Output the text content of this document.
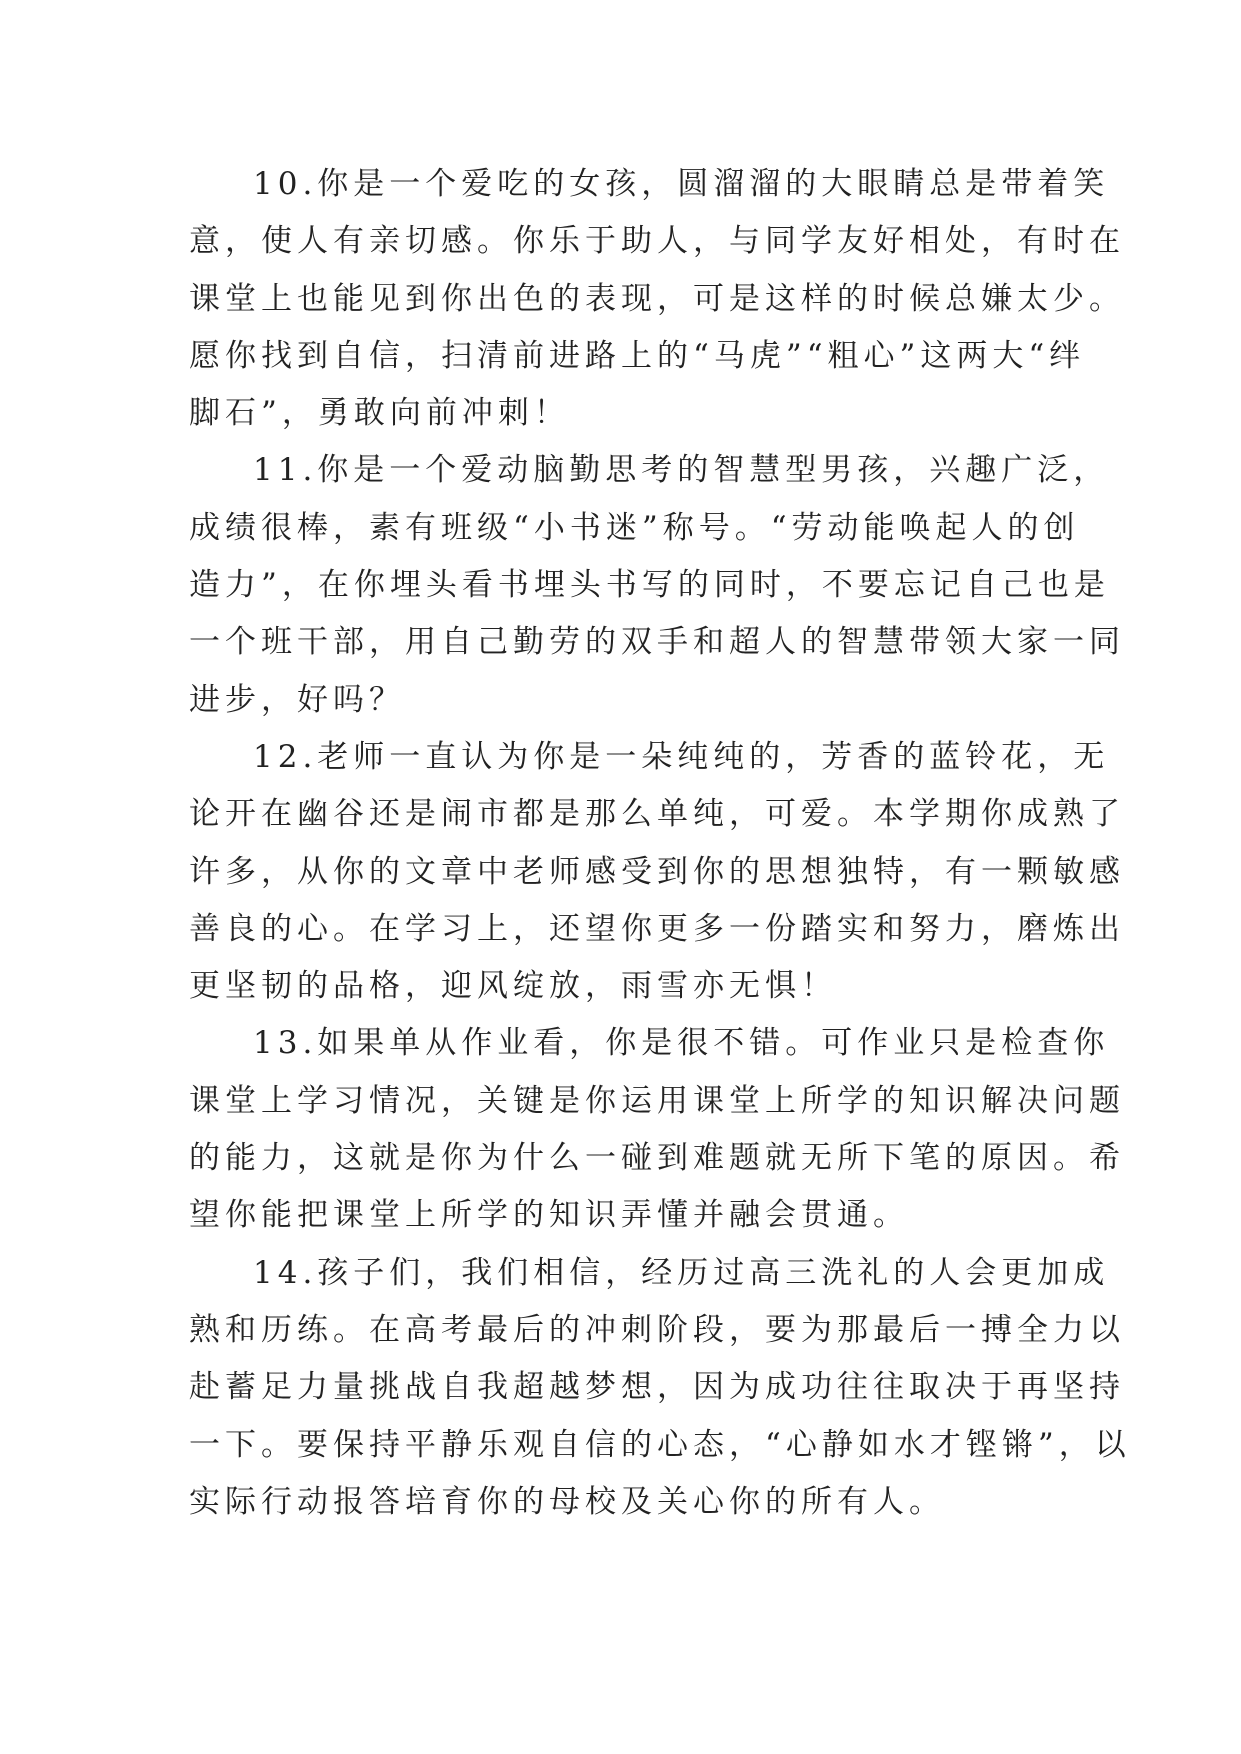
10.你是一个爱吃的女孩，圆溜溜的大眼睛总是带着笑
意，使人有亲切感。你乐于助人，与同学友好相处，有时在
课堂上也能见到你出色的表现，可是这样的时候总嫌太少。
愿你找到自信，扫清前进路上的“马虎”“粗心”这两大“绊
脚石”，勇敢向前冲刺！

11.你是一个爱动脑勤思考的智慧型男孩，兴趣广泛，
成绩很棒，素有班级“小书迷”称号。“劳动能唤起人的创
造力”，在你埋头看书埋头书写的同时，不要忘记自己也是
一个班干部，用自己勤劳的双手和超人的智慧带领大家一同
进步，好吗？

12.老师一直认为你是一朵纯纯的，芳香的蓝铃花，无
论开在幽谷还是闹市都是那么单纯，可爱。本学期你成熟了
许多，从你的文章中老师感受到你的思想独特，有一颗敏感
善良的心。在学习上，还望你更多一份踏实和努力，磨炼出
更坚韧的品格，迎风绽放，雨雪亦无惧！

13.如果单从作业看，你是很不错。可作业只是检查你
课堂上学习情况，关键是你运用课堂上所学的知识解决问题
的能力，这就是你为什么一碰到难题就无所下笔的原因。希
望你能把课堂上所学的知识弄懂并融会贯通。

14.孩子们，我们相信，经历过高三洗礼的人会更加成
熟和历练。在高考最后的冲刺阶段，要为那最后一搏全力以
赴蓄足力量挑战自我超越梦想，因为成功往往取决于再坚持
一下。要保持平静乐观自信的心态，“心静如水才铿锵”，以
实际行动报答培育你的母校及关心你的所有人。
